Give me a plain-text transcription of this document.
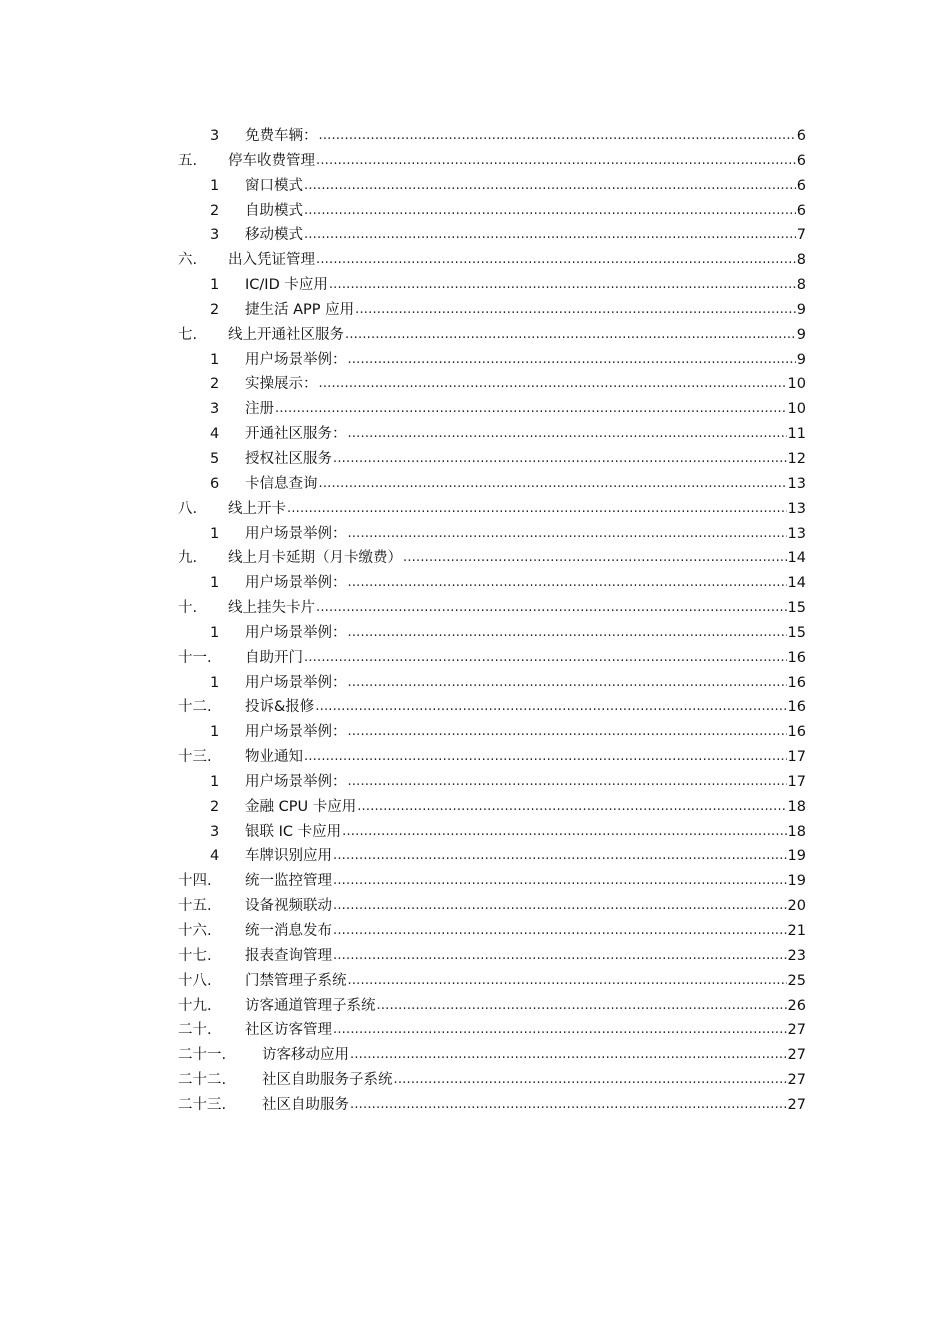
3	免费车辆： .....	6
五.	停车收费管理 .....	6
1	窗口模式 .....	6
2	自助模式 .....	6
3	移动模式 .....	7
六.	出入凭证管理 .....	8
1	IC/ID 卡应用 .....	8
2	捷生活 APP 应用 .....	9
七.	线上开通社区服务 .....	9
1	用户场景举例： .....	9
2	实操展示： .....	10
3	注册 .....	10
4	开通社区服务： .....	11
5	授权社区服务 .....	12
6	卡信息查询 .....	13
八.	线上开卡 .....	13
1	用户场景举例： .....	13
九.	线上月卡延期（月卡缴费） .....	14
1	用户场景举例： .....	14
十.	线上挂失卡片 .....	15
1	用户场景举例： .....	15
十一.	自助开门 .....	16
1	用户场景举例： .....	16
十二.	投诉&报修 .....	16
1	用户场景举例： .....	16
十三.	物业通知 .....	17
1	用户场景举例： .....	17
2	金融 CPU 卡应用 .....	18
3	银联 IC 卡应用 .....	18
4	车牌识别应用 .....	19
十四.	统一监控管理 .....	19
十五.	设备视频联动 .....	20
十六.	统一消息发布 .....	21
十七.	报表查询管理 .....	23
十八.	门禁管理子系统 .....	25
十九.	访客通道管理子系统 .....	26
二十.	社区访客管理 .....	27
二十一.	访客移动应用 .....	27
二十二.	社区自助服务子系统 .....	27
二十三.	社区自助服务 .....	27
